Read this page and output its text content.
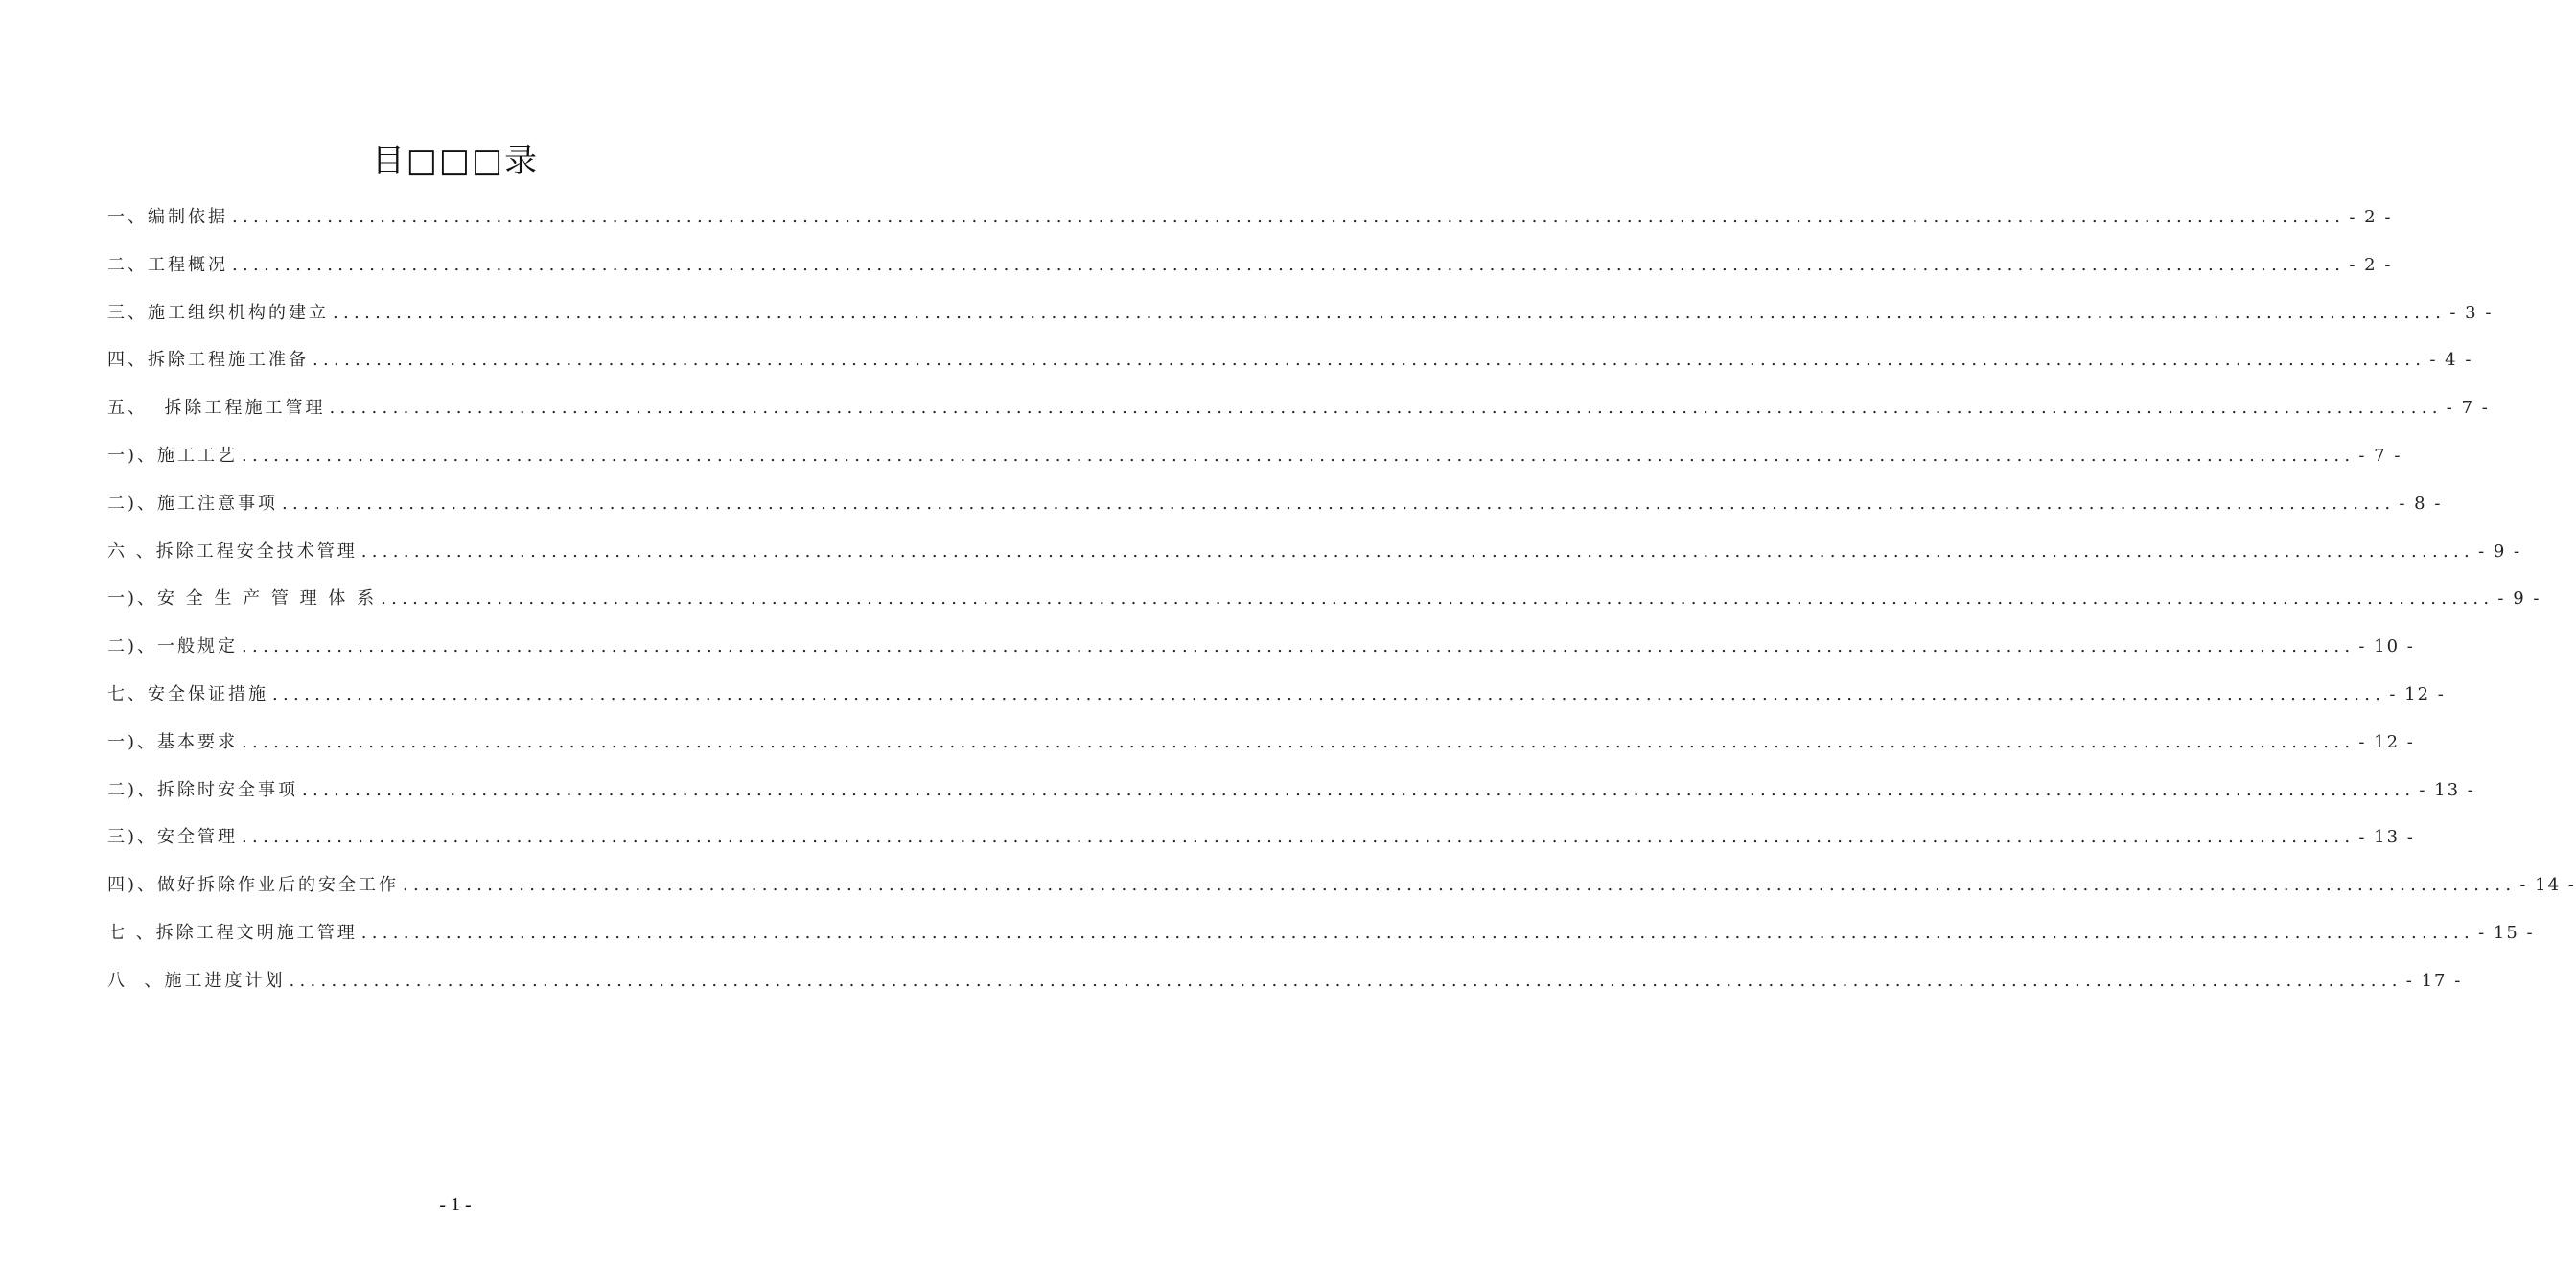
目□□□录
一、编制依据 ........................................................................................................................................................................................................ - 2 -
二、工程概况 ........................................................................................................................................................................................................ - 2 -
三、施工组织机构的建立 ........................................................................................................................................................................................................ - 3 -
四、拆除工程施工准备 ........................................................................................................................................................................................................ - 4 -
五、  拆除工程施工管理 ........................................................................................................................................................................................................ - 7 -
一)、施工工艺 ........................................................................................................................................................................................................ - 7 -
二)、施工注意事项 ........................................................................................................................................................................................................ - 8 -
六 、拆除工程安全技术管理 ........................................................................................................................................................................................................ - 9 -
一)、安 全 生 产 管 理 体 系 ........................................................................................................................................................................................................ - 9 -
二)、一般规定 ........................................................................................................................................................................................................ - 10 -
七、安全保证措施 ........................................................................................................................................................................................................ - 12 -
一)、基本要求 ........................................................................................................................................................................................................ - 12 -
二)、拆除时安全事项 ........................................................................................................................................................................................................ - 13 -
三)、安全管理 ........................................................................................................................................................................................................ - 13 -
四)、做好拆除作业后的安全工作 ........................................................................................................................................................................................................ - 14 -
七 、拆除工程文明施工管理 ........................................................................................................................................................................................................ - 15 -
八  、施工进度计划 ........................................................................................................................................................................................................ - 17 -
- 1 -
